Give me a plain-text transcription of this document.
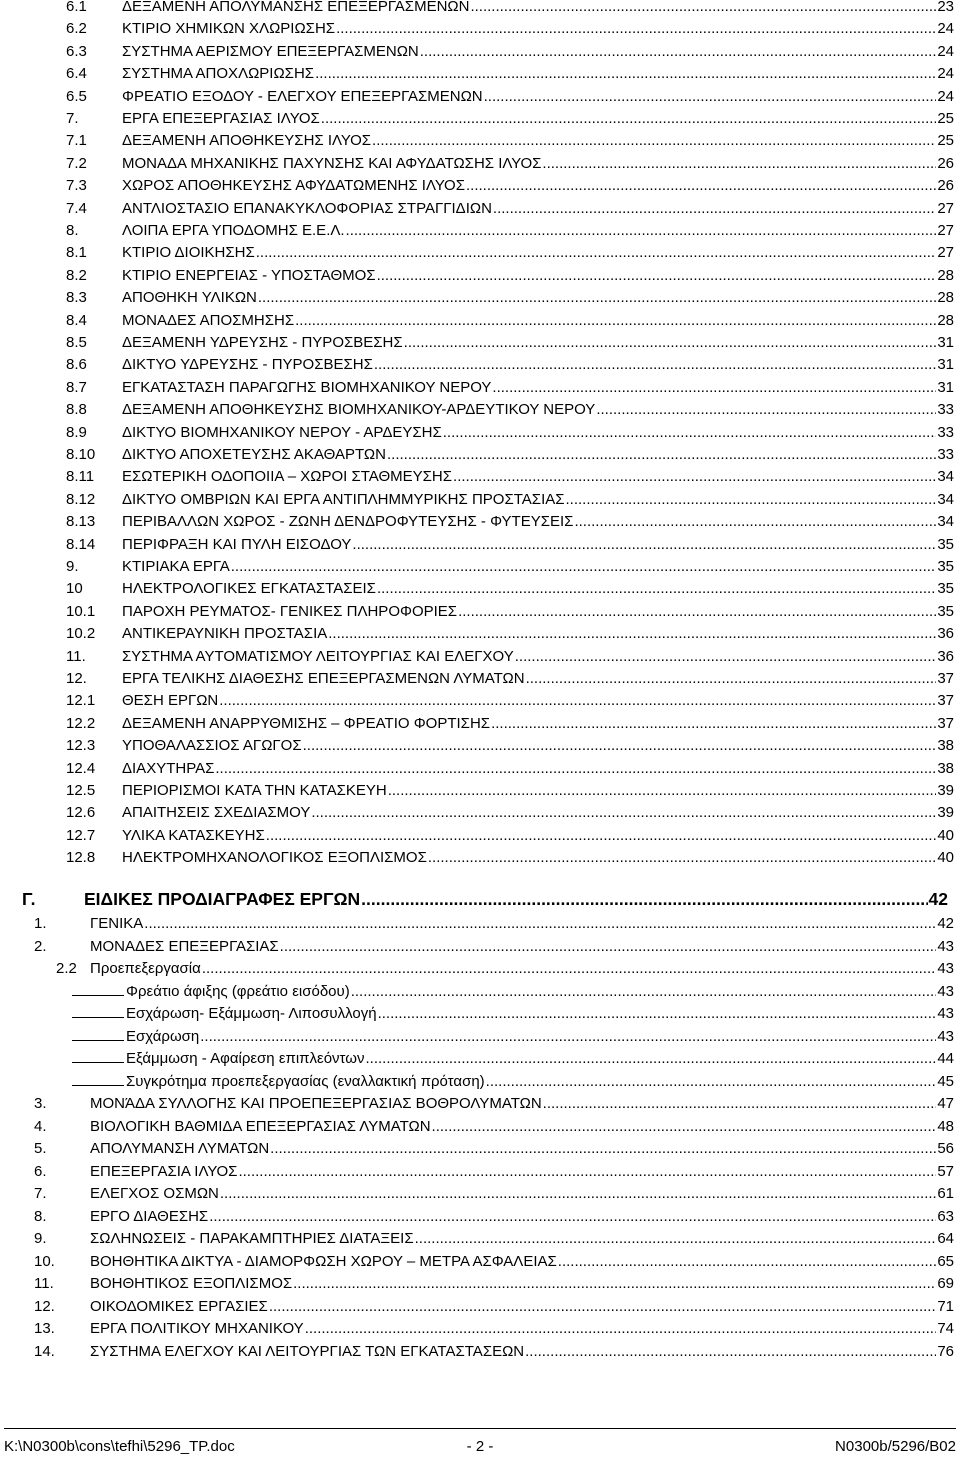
6.1	ΔΕΞΑΜΕΝΗ ΑΠΟΛΥΜΑΝΣΗΣ ΕΠΕΞΕΡΓΑΣΜΕΝΩΝ .....	23
6.2	ΚΤΙΡΙΟ ΧΗΜΙΚΩΝ ΧΛΩΡΙΩΣΗΣ .....	24
6.3	ΣΥΣΤΗΜΑ ΑΕΡΙΣΜΟΥ ΕΠΕΞΕΡΓΑΣΜΕΝΩΝ .....	24
6.4	ΣΥΣΤΗΜΑ ΑΠΟΧΛΩΡΙΩΣΗΣ .....	24
6.5	ΦΡΕΑΤΙΟ ΕΞΟΔΟΥ - ΕΛΕΓΧΟΥ ΕΠΕΞΕΡΓΑΣΜΕΝΩΝ .....	24
7.	ΕΡΓΑ ΕΠΕΞΕΡΓΑΣΙΑΣ ΙΛΥΟΣ .....	25
7.1	ΔΕΞΑΜΕΝΗ ΑΠΟΘΗΚΕΥΣΗΣ ΙΛΥΟΣ .....	25
7.2	ΜΟΝΑΔΑ ΜΗΧΑΝΙΚΗΣ ΠΑΧΥΝΣΗΣ ΚΑΙ ΑΦΥΔΑΤΩΣΗΣ ΙΛΥΟΣ .....	26
7.3	ΧΩΡΟΣ ΑΠΟΘΗΚΕΥΣΗΣ ΑΦΥΔΑΤΩΜΕΝΗΣ ΙΛΥΟΣ .....	26
7.4	ΑΝΤΛΙΟΣΤΑΣΙΟ ΕΠΑΝΑΚΥΚΛΟΦΟΡΙΑΣ ΣΤΡΑΓΓΙΔΙΩΝ .....	27
8.	ΛΟΙΠΑ ΕΡΓΑ ΥΠΟΔΟΜΗΣ Ε.Ε.Λ. .....	27
8.1	ΚΤΙΡΙΟ ΔΙΟΙΚΗΣΗΣ .....	27
8.2	ΚΤΙΡΙΟ ΕΝΕΡΓΕΙΑΣ - ΥΠΟΣΤΑΘΜΟΣ .....	28
8.3	ΑΠΟΘΗΚΗ ΥΛΙΚΩΝ .....	28
8.4	ΜΟΝΑΔΕΣ ΑΠΟΣΜΗΣΗΣ .....	28
8.5	ΔΕΞΑΜΕΝΗ ΥΔΡΕΥΣΗΣ - ΠΥΡΟΣΒΕΣΗΣ .....	31
8.6	ΔΙΚΤΥΟ ΥΔΡΕΥΣΗΣ - ΠΥΡΟΣΒΕΣΗΣ .....	31
8.7	ΕΓΚΑΤΑΣΤΑΣΗ ΠΑΡΑΓΩΓΗΣ ΒΙΟΜΗΧΑΝΙΚΟΥ ΝΕΡΟΥ .....	31
8.8	ΔΕΞΑΜΕΝΗ ΑΠΟΘΗΚΕΥΣΗΣ ΒΙΟΜΗΧΑΝΙΚΟΥ-ΑΡΔΕΥΤΙΚΟΥ ΝΕΡΟΥ .....	33
8.9	ΔΙΚΤΥΟ ΒΙΟΜΗΧΑΝΙΚΟΥ ΝΕΡΟΥ - ΑΡΔΕΥΣΗΣ .....	33
8.10	ΔΙΚΤΥΟ ΑΠΟΧΕΤΕΥΣΗΣ ΑΚΑΘΑΡΤΩΝ .....	33
8.11	ΕΣΩΤΕΡΙΚΗ ΟΔΟΠΟΙΙΑ – ΧΩΡΟΙ ΣΤΑΘΜΕΥΣΗΣ .....	34
8.12	ΔΙΚΤΥΟ ΟΜΒΡΙΩΝ ΚΑΙ ΕΡΓΑ ΑΝΤΙΠΛΗΜΜΥΡΙΚΗΣ ΠΡΟΣΤΑΣΙΑΣ .....	34
8.13	ΠΕΡΙΒΑΛΛΩΝ ΧΩΡΟΣ - ΖΩΝΗ ΔΕΝΔΡΟΦΥΤΕΥΣΗΣ - ΦΥΤΕΥΣΕΙΣ .....	34
8.14	ΠΕΡΙΦΡΑΞΗ ΚΑΙ ΠΥΛΗ ΕΙΣΟΔΟΥ .....	35
9.	ΚΤΙΡΙΑΚΑ ΕΡΓΑ .....	35
10	ΗΛΕΚΤΡΟΛΟΓΙΚΕΣ ΕΓΚΑΤΑΣΤΑΣΕΙΣ .....	35
10.1	ΠΑΡΟΧΗ ΡΕΥΜΑΤΟΣ- ΓΕΝΙΚΕΣ ΠΛΗΡΟΦΟΡΙΕΣ .....	35
10.2	ΑΝΤΙΚΕΡΑΥΝΙΚΗ ΠΡΟΣΤΑΣΙΑ .....	36
11.	ΣΥΣΤΗΜΑ ΑΥΤΟΜΑΤΙΣΜΟΥ ΛΕΙΤΟΥΡΓΙΑΣ ΚΑΙ ΕΛΕΓΧΟΥ .....	36
12.	ΕΡΓΑ ΤΕΛΙΚΗΣ ΔΙΑΘΕΣΗΣ ΕΠΕΞΕΡΓΑΣΜΕΝΩΝ ΛΥΜΑΤΩΝ .....	37
12.1	ΘΕΣΗ ΕΡΓΩΝ .....	37
12.2	ΔΕΞΑΜΕΝΗ ΑΝΑΡΡΥΘΜΙΣΗΣ – ΦΡΕΑΤΙΟ ΦΟΡΤΙΣΗΣ .....	37
12.3	ΥΠΟΘΑΛΑΣΣΙΟΣ ΑΓΩΓΟΣ .....	38
12.4	ΔΙΑΧΥΤΗΡΑΣ .....	38
12.5	ΠΕΡΙΟΡΙΣΜΟΙ ΚΑΤΑ ΤΗΝ ΚΑΤΑΣΚΕΥΗ .....	39
12.6	ΑΠΑΙΤΗΣΕΙΣ ΣΧΕΔΙΑΣΜΟΥ .....	39
12.7	ΥΛΙΚΑ ΚΑΤΑΣΚΕΥΗΣ .....	40
12.8	ΗΛΕΚΤΡΟΜΗΧΑΝΟΛΟΓΙΚΟΣ ΕΞΟΠΛΙΣΜΟΣ .....	40
Γ.	ΕΙΔΙΚΕΣ ΠΡΟΔΙΑΓΡΑΦΕΣ ΕΡΓΩΝ .....	42
1.	ΓΕΝΙΚΑ .....	42
2.	ΜΟΝΑΔΕΣ ΕΠΕΞΕΡΓΑΣΙΑΣ .....	43
2.2 Προεπεξεργασία .....	43
Φρεάτιο άφιξης (φρεάτιο εισόδου) .....	43
Εσχάρωση- Εξάμμωση- Λιποσυλλογή .....	43
Εσχάρωση .....	43
Εξάμμωση - Αφαίρεση επιπλεόντων .....	44
Συγκρότημα προεπεξεργασίας (εναλλακτική πρόταση) .....	45
3.	ΜΟΝΆΔΑ ΣΥΛΛΟΓΗΣ ΚΑΙ ΠΡΟΕΠΕΞΕΡΓΑΣΙΑΣ ΒΟΘΡΟΛΥΜΑΤΩΝ .....	47
4.	ΒΙΟΛΟΓΙΚΗ ΒΑΘΜΙΔΑ ΕΠΕΞΕΡΓΑΣΙΑΣ ΛΥΜΑΤΩΝ .....	48
5.	ΑΠΟΛΥΜΑΝΣΗ ΛΥΜΑΤΩΝ .....	56
6.	ΕΠΕΞΕΡΓΑΣΙΑ ΙΛΥΟΣ .....	57
7.	ΕΛΕΓΧΟΣ ΟΣΜΩΝ .....	61
8.	ΕΡΓΟ ΔΙΑΘΕΣΗΣ .....	63
9.	ΣΩΛΗΝΩΣΕΙΣ - ΠΑΡΑΚΑΜΠΤΗΡΙΕΣ ΔΙΑΤΑΞΕΙΣ .....	64
10.	ΒΟΗΘΗΤΙΚΑ ΔΙΚΤΥΑ - ΔΙΑΜΟΡΦΩΣΗ ΧΩΡΟΥ – ΜΕΤΡΑ ΑΣΦΑΛΕΙΑΣ .....	65
11.	ΒΟΗΘΗΤΙΚΟΣ ΕΞΟΠΛΙΣΜΟΣ .....	69
12.	ΟΙΚΟΔΟΜΙΚΕΣ ΕΡΓΑΣΙΕΣ .....	71
13.	ΕΡΓΑ ΠΟΛΙΤΙΚΟΥ ΜΗΧΑΝΙΚΟΥ .....	74
14.	ΣΥΣΤΗΜΑ ΕΛΕΓΧΟΥ ΚΑΙ ΛΕΙΤΟΥΡΓΙΑΣ ΤΩΝ ΕΓΚΑΤΑΣΤΑΣΕΩΝ .....	76
K:\N0300b\cons\tefhi\5296_TP.doc	- 2 -	N0300b/5296/B02
